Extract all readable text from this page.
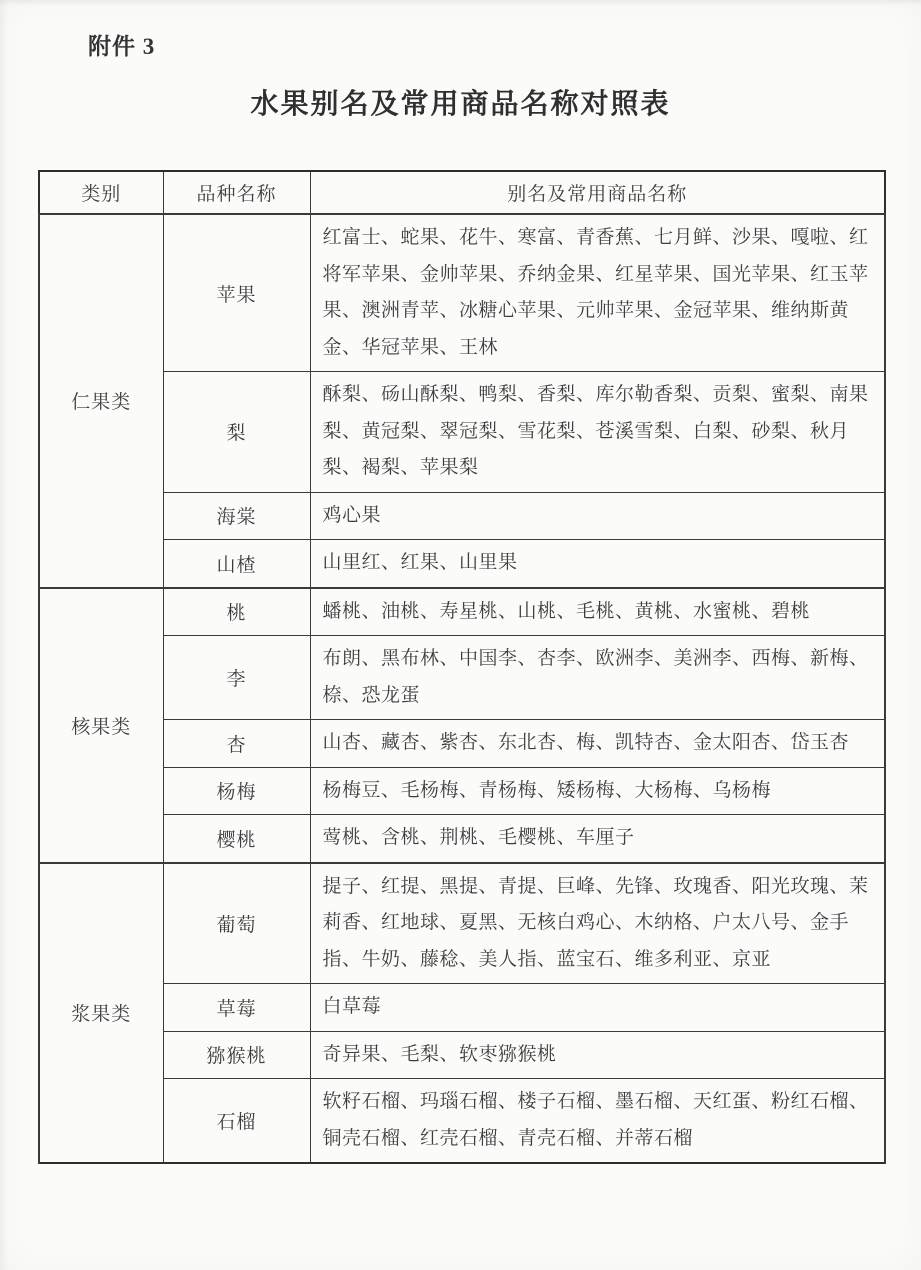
附件 3
水果别名及常用商品名称对照表
类别	品种名称	别名及常用商品名称
仁果类	苹果	红富士、蛇果、花牛、寒富、青香蕉、七月鲜、沙果、嘎啦、红将军苹果、金帅苹果、乔纳金果、红星苹果、国光苹果、红玉苹果、澳洲青苹、冰糖心苹果、元帅苹果、金冠苹果、维纳斯黄金、华冠苹果、王林
	梨	酥梨、砀山酥梨、鸭梨、香梨、库尔勒香梨、贡梨、蜜梨、南果梨、黄冠梨、翠冠梨、雪花梨、苍溪雪梨、白梨、砂梨、秋月梨、褐梨、苹果梨
	海棠	鸡心果
	山楂	山里红、红果、山里果
核果类	桃	蟠桃、油桃、寿星桃、山桃、毛桃、黄桃、水蜜桃、碧桃
	李	布朗、黑布林、中国李、杏李、欧洲李、美洲李、西梅、新梅、㮈、恐龙蛋
	杏	山杏、藏杏、紫杏、东北杏、梅、凯特杏、金太阳杏、岱玉杏
	杨梅	杨梅豆、毛杨梅、青杨梅、矮杨梅、大杨梅、乌杨梅
	樱桃	莺桃、含桃、荆桃、毛樱桃、车厘子
浆果类	葡萄	提子、红提、黑提、青提、巨峰、先锋、玫瑰香、阳光玫瑰、茉莉香、红地球、夏黑、无核白鸡心、木纳格、户太八号、金手指、牛奶、藤稔、美人指、蓝宝石、维多利亚、京亚
	草莓	白草莓
	猕猴桃	奇异果、毛梨、软枣猕猴桃
	石榴	软籽石榴、玛瑙石榴、楼子石榴、墨石榴、天红蛋、粉红石榴、铜壳石榴、红壳石榴、青壳石榴、并蒂石榴
